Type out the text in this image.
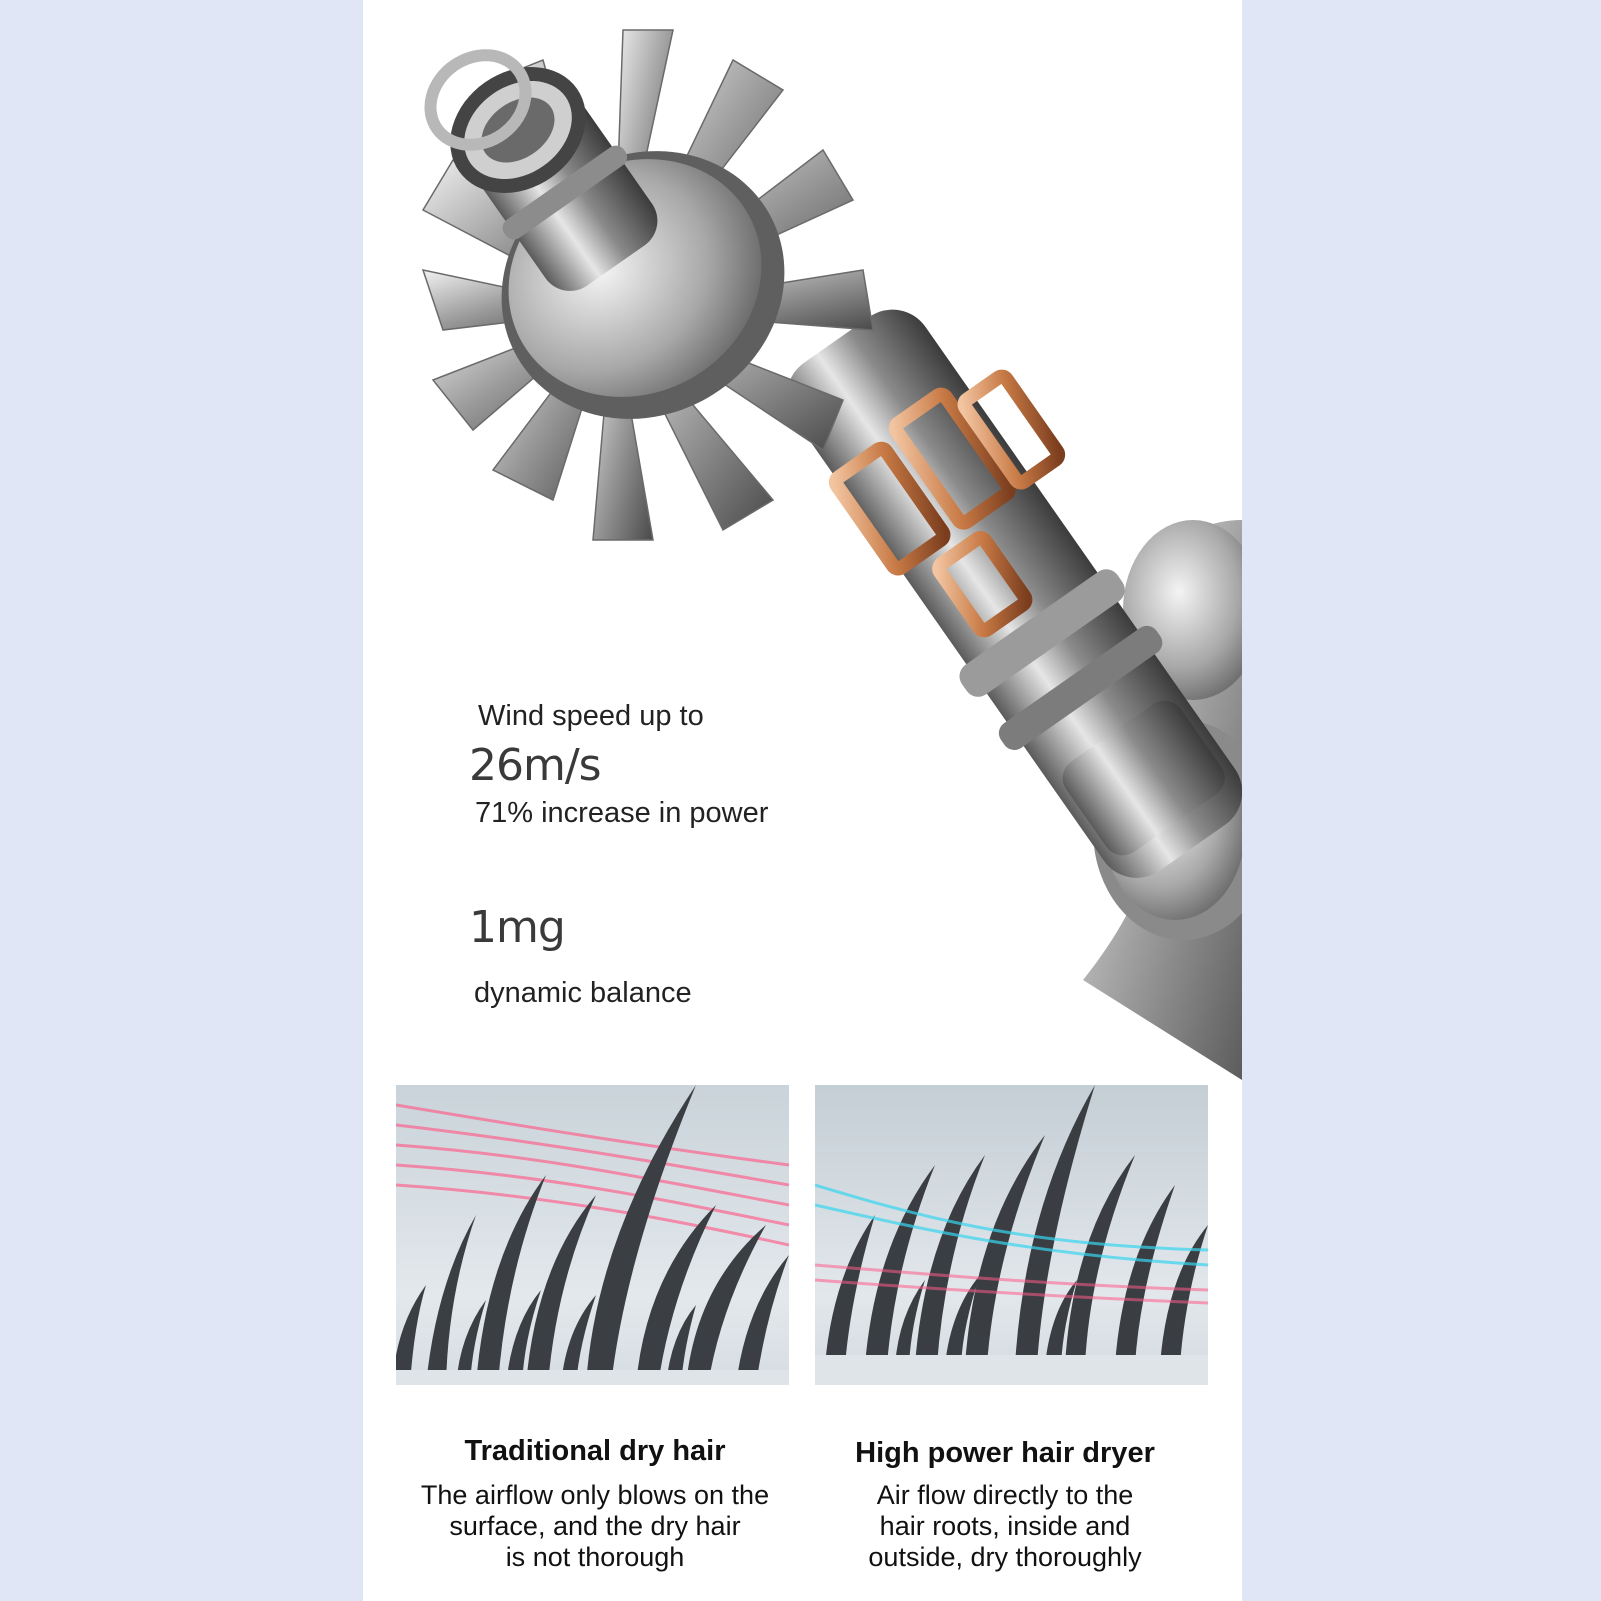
Wind speed up to
26m/s
71% increase in power
1mg
dynamic balance
Traditional dry hair
The airflow only blows on the
surface, and the dry hair
is not thorough
High power hair dryer
Air flow directly to the
hair roots, inside and
outside, dry thoroughly
